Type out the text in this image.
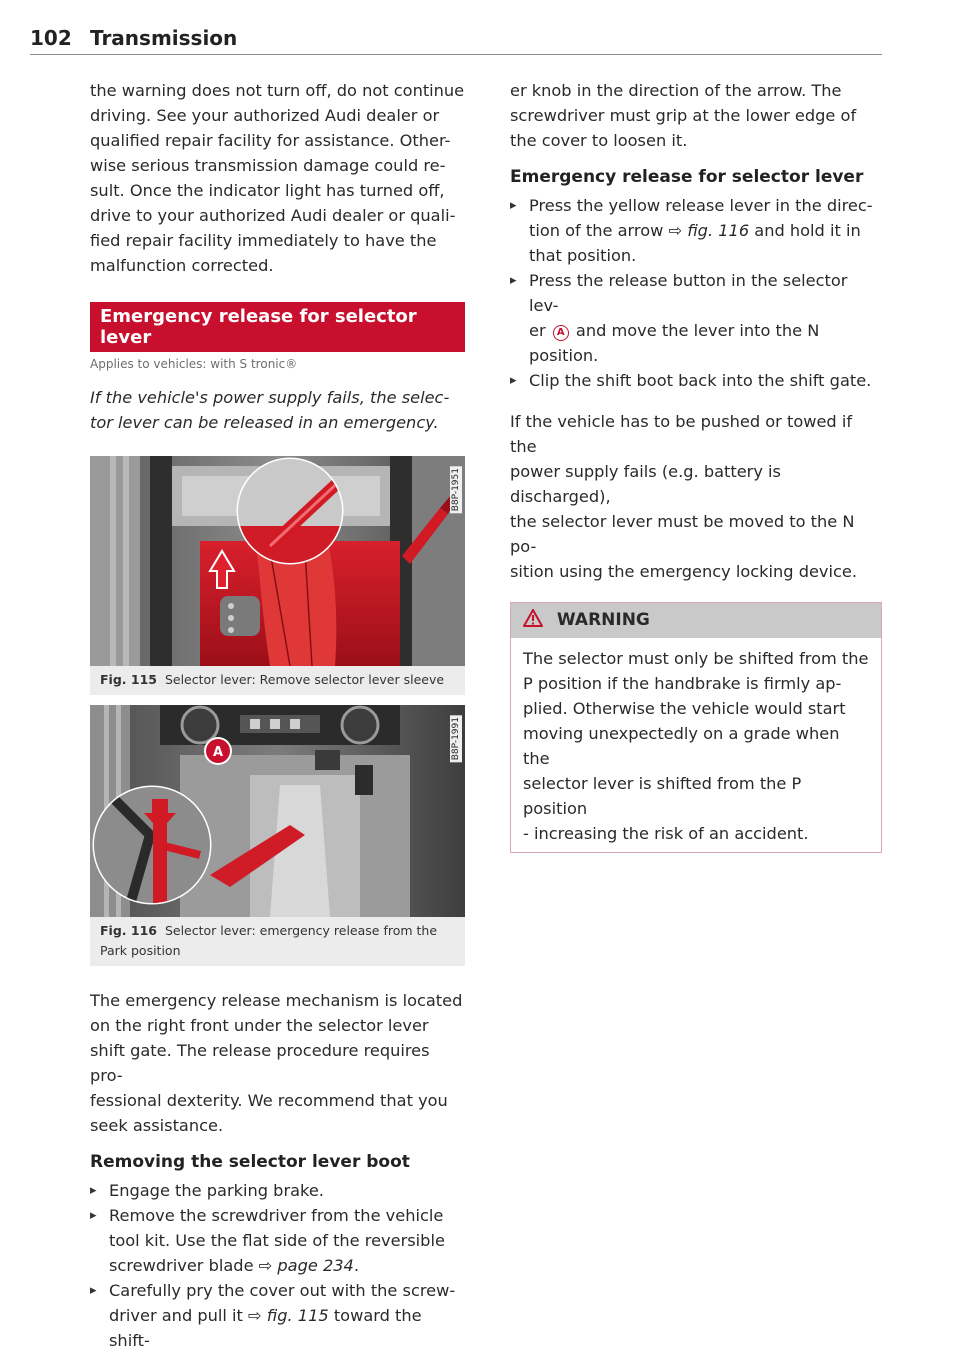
102 Transmission

the warning does not turn off, do not continue

driving. See your authorized Audi dealer or

qualified repair facility for assistance. Other-

wise serious transmission damage could re-

sult. Once the indicator light has turned off,

drive to your authorized Audi dealer or quali-

fied repair facility immediately to have the

malfunction corrected.

Emergency release for selector lever

Applies to vehicles: with S tronic®

If the vehicle's power supply fails, the selec-

tor lever can be released in an emergency.

B8P-1951
Fig. 115 Selector lever: Remove selector lever sleeve
A	B8P-1991
Fig. 116 Selector lever: emergency release from the
Park position

The emergency release mechanism is located

on the right front under the selector lever

shift gate. The release procedure requires pro-

fessional dexterity. We recommend that you

seek assistance.

Removing the selector lever boot
▸ Engage the parking brake.
▸ Remove the screwdriver from the vehicle
tool kit. Use the flat side of the reversible
screwdriver blade ⇨ page 234.
▸ Carefully pry the cover out with the screw-
driver and pull it ⇨ fig. 115 toward the shift-

er knob in the direction of the arrow. The

screwdriver must grip at the lower edge of

the cover to loosen it.

Emergency release for selector lever
▸ Press the yellow release lever in the direc-
tion of the arrow ⇨ fig. 116 and hold it in
that position.
▸ Press the release button in the selector lev-
er A and move the lever into the N position.
▸ Clip the shift boot back into the shift gate.

If the vehicle has to be pushed or towed if the

power supply fails (e.g. battery is discharged),

the selector lever must be moved to the N po-

sition using the emergency locking device.

WARNING
The selector must only be shifted from the
P position if the handbrake is firmly ap-
plied. Otherwise the vehicle would start
moving unexpectedly on a grade when the
selector lever is shifted from the P position
- increasing the risk of an accident.
